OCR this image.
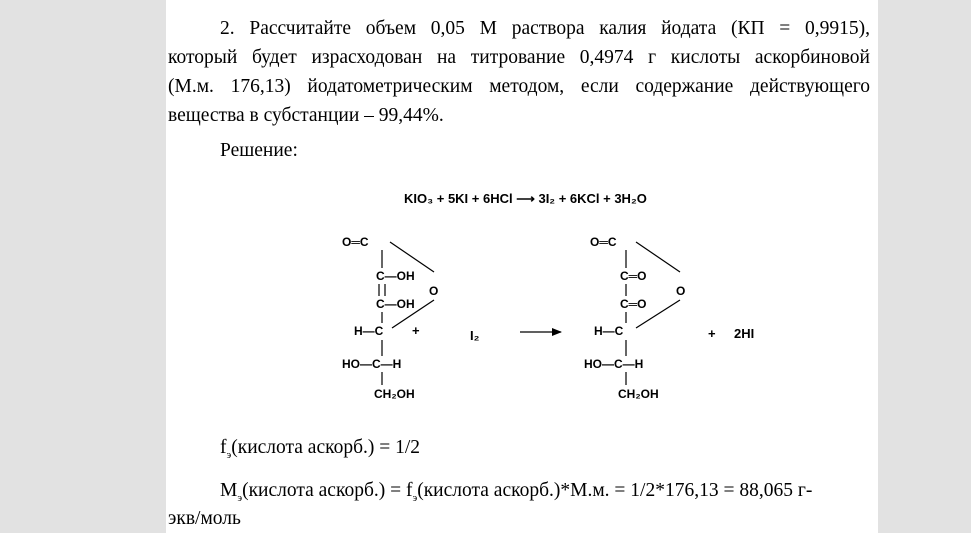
2. Рассчитайте объем 0,05 М раствора калия йодата (КП = 0,9915),
который будет израсходован на титрование 0,4974 г кислоты аскорбиновой
(М.м. 176,13) йодатометрическим методом, если содержание действующего
вещества в субстанции – 99,44%.
Решение:
KIO₃ + 5KI + 6HCl ⟶ 3I₂ + 6KCl + 3H₂O
O═C
C—OH
C—OH
O
H—C
HO—C—H
CH₂OH
+	I₂
O═C
C═O
C═O
O
H—C
HO—C—H
CH₂OH
+ 2HI
$f_э(кислота$ аскорб.) = 1/2
$М_э(кислота$ аскорб.) = $f_э(кислота$ аскорб.)*М.м. = 1/2*176,13 = 88,065 г-
экв/моль
